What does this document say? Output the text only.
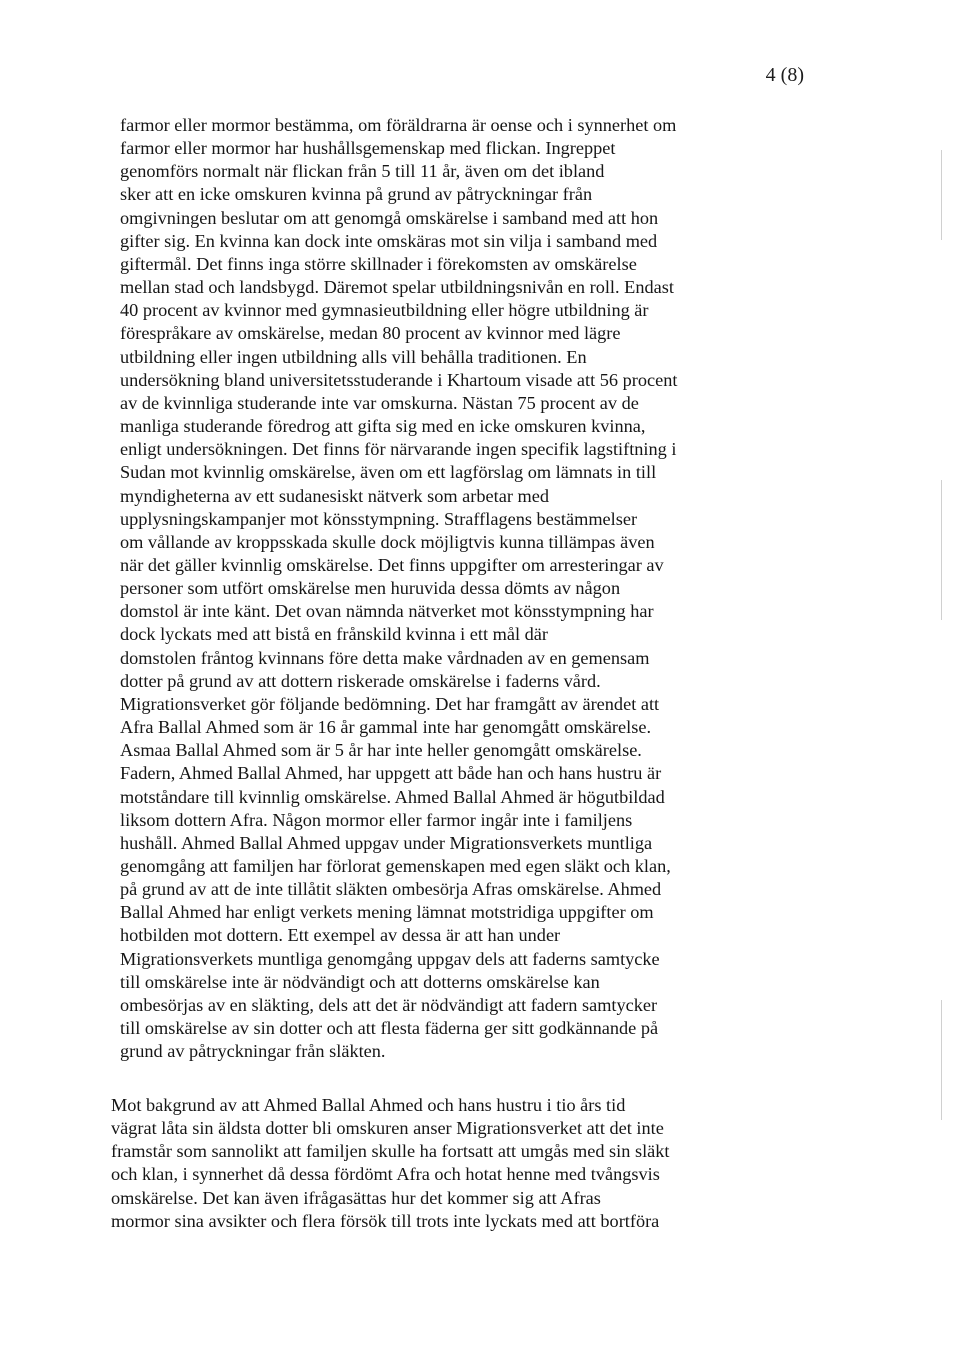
4 (8)

farmor eller mormor bestämma, om föräldrarna är oense och i synnerhet om
farmor eller mormor har hushållsgemenskap med flickan. Ingreppet
genomförs normalt när flickan från 5 till 11 år, även om det ibland
sker att en icke omskuren kvinna på grund av påtryckningar från
omgivningen beslutar om att genomgå omskärelse i samband med att hon
gifter sig. En kvinna kan dock inte omskäras mot sin vilja i samband med
giftermål. Det finns inga större skillnader i förekomsten av omskärelse
mellan stad och landsbygd. Däremot spelar utbildningsnivån en roll. Endast
40 procent av kvinnor med gymnasieutbildning eller högre utbildning är
förespråkare av omskärelse, medan 80 procent av kvinnor med lägre
utbildning eller ingen utbildning alls vill behålla traditionen. En
undersökning bland universitetsstuderande i Khartoum visade att 56 procent
av de kvinnliga studerande inte var omskurna. Nästan 75 procent av de
manliga studerande föredrog att gifta sig med en icke omskuren kvinna,
enligt undersökningen. Det finns för närvarande ingen specifik lagstiftning i
Sudan mot kvinnlig omskärelse, även om ett lagförslag om lämnats in till
myndigheterna av ett sudanesiskt nätverk som arbetar med
upplysningskampanjer mot könsstympning. Strafflagens bestämmelser
om vållande av kroppsskada skulle dock möjligtvis kunna tillämpas även
när det gäller kvinnlig omskärelse. Det finns uppgifter om arresteringar av
personer som utfört omskärelse men huruvida dessa dömts av någon
domstol är inte känt. Det ovan nämnda nätverket mot könsstympning har
dock lyckats med att bistå en frånskild kvinna i ett mål där
domstolen fråntog kvinnans före detta make vårdnaden av en gemensam
dotter på grund av att dottern riskerade omskärelse i faderns vård.
Migrationsverket gör följande bedömning. Det har framgått av ärendet att
Afra Ballal Ahmed som är 16 år gammal inte har genomgått omskärelse.
Asmaa Ballal Ahmed som är 5 år har inte heller genomgått omskärelse.
Fadern, Ahmed Ballal Ahmed, har uppgett att både han och hans hustru är
motståndare till kvinnlig omskärelse. Ahmed Ballal Ahmed är högutbildad
liksom dottern Afra. Någon mormor eller farmor ingår inte i familjens
hushåll. Ahmed Ballal Ahmed uppgav under Migrationsverkets muntliga
genomgång att familjen har förlorat gemenskapen med egen släkt och klan,
på grund av att de inte tillåtit släkten ombesörja Afras omskärelse. Ahmed
Ballal Ahmed har enligt verkets mening lämnat motstridiga uppgifter om
hotbilden mot dottern. Ett exempel av dessa är att han under
Migrationsverkets muntliga genomgång uppgav dels att faderns samtycke
till omskärelse inte är nödvändigt och att dotterns omskärelse kan
ombesörjas av en släkting, dels att det är nödvändigt att fadern samtycker
till omskärelse av sin dotter och att flesta fäderna ger sitt godkännande på
grund av påtryckningar från släkten.

Mot bakgrund av att Ahmed Ballal Ahmed och hans hustru i tio års tid
vägrat låta sin äldsta dotter bli omskuren anser Migrationsverket att det inte
framstår som sannolikt att familjen skulle ha fortsatt att umgås med sin släkt
och klan, i synnerhet då dessa fördömt Afra och hotat henne med tvångsvis
omskärelse. Det kan även ifrågasättas hur det kommer sig att Afras
mormor sina avsikter och flera försök till trots inte lyckats med att bortföra
